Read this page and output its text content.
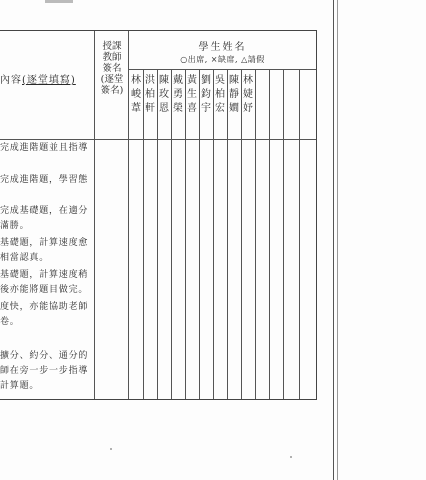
內容(逐堂填寫)
授課
教師
簽名
(逐堂
簽名)
學生姓名
○出席, ×缺席, △請假
林
峻
葦
洪
柏
軒
陳
玫
恩
戴
勇
榮
黃
生
喜
劉
鈞
宇
吳
柏
宏
陳
靜
嫺
林
婕
妤
完成進階題並且指導
完成進階題，學習態
完成基礎題，在適分
滿勝。
基礎題，計算速度愈
相當認真。
基礎題，計算速度稍
後亦能將題目做完。
度快，亦能協助老師
卷。
擴分、約分、通分的
師在旁一步一步指導
計算題。
